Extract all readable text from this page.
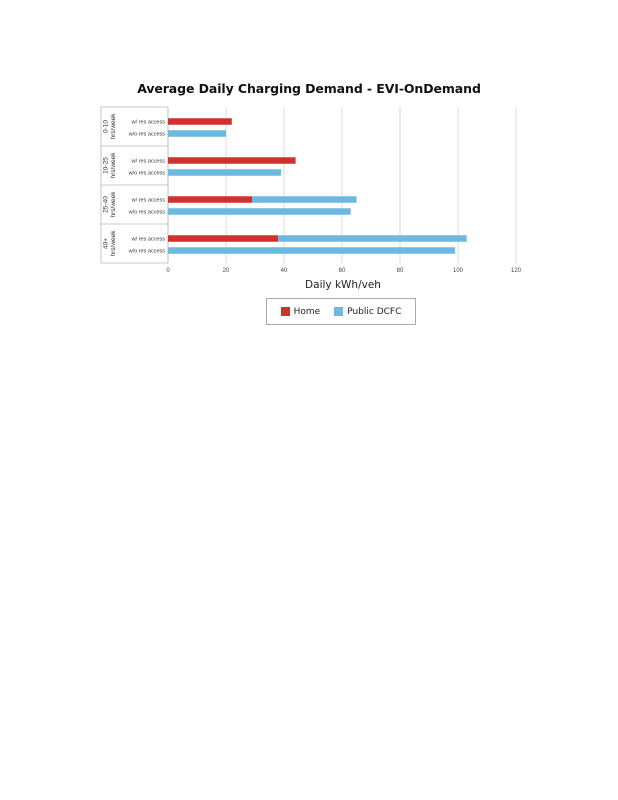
Average Daily Charging Demand - EVI-OnDemand
0	20	40	60	80	100	120
0-10hrs/week	w/ res access
w/o res access
10-25hrs/week	w/ res access
w/o res access
25-40hrs/week	w/ res access
w/o res access
40+hrs/week	w/ res access
w/o res access
Daily kWh/veh
Home	Public DCFC
